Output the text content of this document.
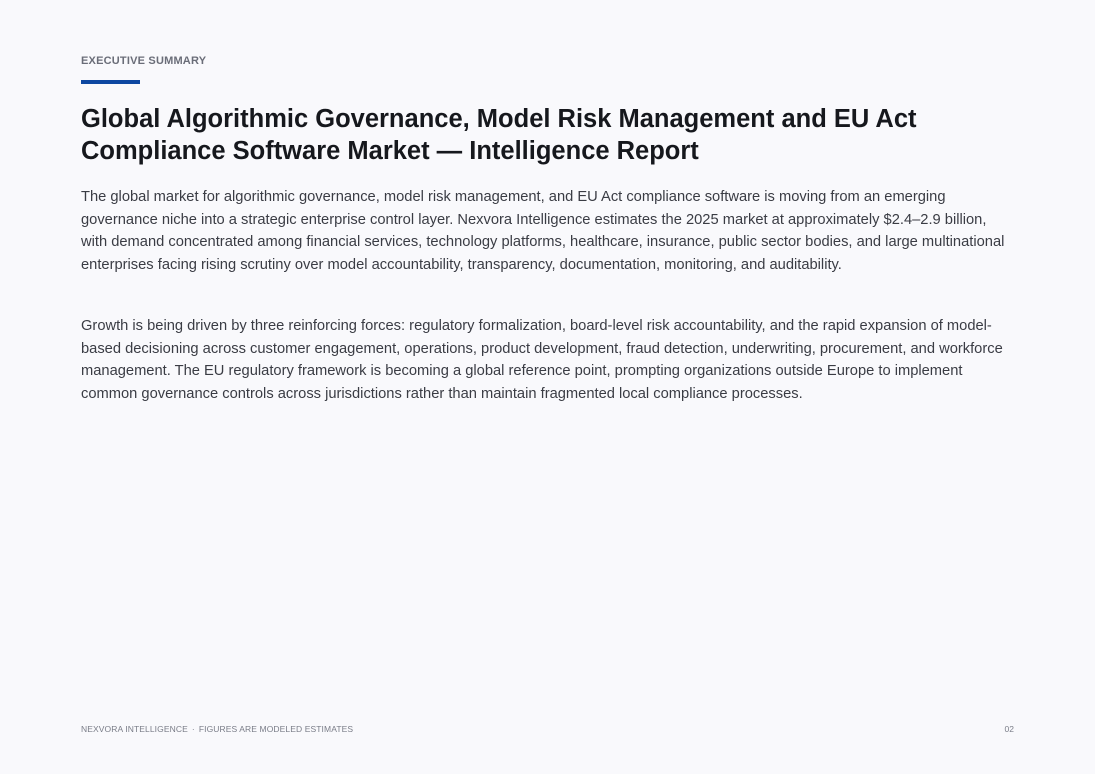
EXECUTIVE SUMMARY
Global Algorithmic Governance, Model Risk Management and EU Act Compliance Software Market — Intelligence Report

The global market for algorithmic governance, model risk management, and EU Act compliance software is moving from an emerging governance niche into a strategic enterprise control layer. Nexvora Intelligence estimates the 2025 market at approximately $2.4–2.9 billion, with demand concentrated among financial services, technology platforms, healthcare, insurance, public sector bodies, and large multinational enterprises facing rising scrutiny over model accountability, transparency, documentation, monitoring, and auditability.

Growth is being driven by three reinforcing forces: regulatory formalization, board-level risk accountability, and the rapid expansion of model-based decisioning across customer engagement, operations, product development, fraud detection, underwriting, procurement, and workforce management. The EU regulatory framework is becoming a global reference point, prompting organizations outside Europe to implement common governance controls across jurisdictions rather than maintain fragmented local compliance processes.

NEXVORA INTELLIGENCE · FIGURES ARE MODELED ESTIMATES	02
